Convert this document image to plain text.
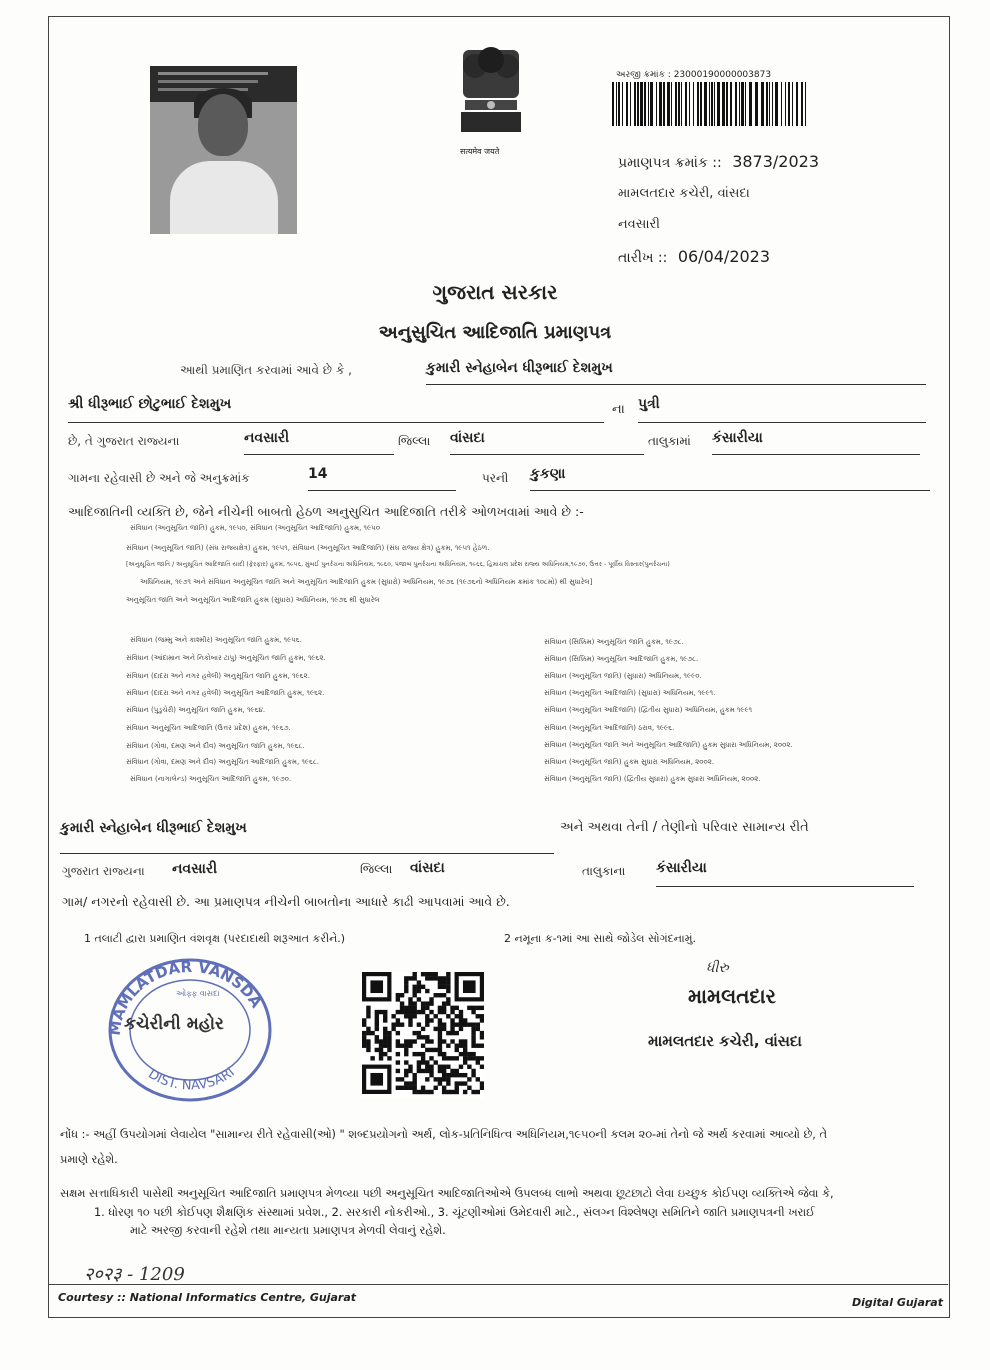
सत्यमेव जयते
અરજી ક્રમાંક : 23000190000003873
પ્રમાણપત્ર ક્રમાંક :: 3873/2023
મામલતદાર કચેરી, વાંસદા
નવસારી
તારીખ :: 06/04/2023
ગુજરાત સરકાર
અનુસુચિત આદિજાતિ પ્રમાણપત્ર
આથી પ્રમાણિત કરવામાં આવે છે કે ,	કુમારી સ્નેહાબેન ધીરૂભાઈ દેશમુખ
શ્રી ધીરૂભાઈ છોટુભાઈ દેશમુખ	ના પુત્રી
છે, તે ગુજરાત રાજ્યના	નવસારી	જિલ્લા વાંસદા	તાલુકામાં કંસારીયા
ગામના રહેવાસી છે અને જે અનુક્રમાંક	14	પરની કુકણા
આદિજાતિની વ્યક્તિ છે, જેને નીચેની બાબતો હેઠળ અનુસુચિત આદિજાતિ તરીકે ઓળખવામાં આવે છે :-
સંવિધાન (અનુસૂચિત જાતિ) હુકમ, ૧૯૫૦, સંવિધાન (અનુસૂચિત આદિજાતિ) હુકમ, ૧૯૫૦
સંવિધાન (અનુસૂચિત જાતિ) (સંઘ રાજ્યક્ષેત્ર) હુકમ, ૧૯૫૧, સંવિધાન (અનુસૂચિત આદિજાતિ) (સંઘ રાજ્ય ક્ષેત્ર) હુકમ, ૧૯૫૧ હેઠળ.
[અનુસૂચિત જાતિ / અનુસૂચિત આદિજાતિ યાદી (ફેરફાર) હુકમ, ૧૯૫૬, મુંબઈ પુનર્રચના અધિનિયમ, ૧૯૬૦, પંજાબ પુનર્રચના અધિનિયમ, ૧૯૬૬, હિમાચલ પ્રદેશ રાજ્ય અધિનિયમ,૧૯૭૦, ઉત્તર - પૂર્વીય વિસ્તાર(પુનર્રચના)
અધિનિયમ, ૧૯૭૧ અને સંવિધાન અનુસૂચિત જાતિ અને અનુસૂચિત આદિજાતિ હુકમ (સુધારો) અધિનિયમ, ૧૯૭૬ (૧૯૭૬નો અધિનિયમ ક્રમાંક ૧૦૮મો) થી સુધારેલ]
અનુસૂચિત જાતિ અને અનુસૂચિત આદિજાતિ હુકમ (સુધારા) અધિનિયમ, ૧૯૭૬ થી સુધારેલ
સંવિધાન (જમ્મુ અને કાશ્મીર) અનુસૂચિત જાતિ હુકમ, ૧૯૫૬.
સંવિધાન (આંદામાન અને નિકોબાર ટાપુ) અનુસૂચિત જાતિ હુકમ, ૧૯૬૨.
સંવિધાન (દાદરા અને નગર હવેલી) અનુસૂચિત જાતિ હુકમ, ૧૯૬૨.
સંવિધાન (દાદરા અને નગર હવેલી) અનુસૂચિત આદિજાતિ હુકમ, ૧૯૬૨.
સંવિધાન (પુડુચેરી) અનુસૂચિત જાતિ હુકમ, ૧૯૬૪.
સંવિધાન અનુસૂચિત આદિજાતિ (ઉત્તર પ્રદેશ) હુકમ, ૧૯૬૭.
સંવિધાન (ગોવા, દમણ અને દીવ) અનુસૂચિત જાતિ હુકમ, ૧૯૬૮.
સંવિધાન (ગોવા, દમણ અને દીવ) અનુસૂચિત આદિજાતિ હુકમ, ૧૯૬૮.
સંવિધાન (નાગાલેન્ડ) અનુસૂચિત આદિજાતિ હુકમ, ૧૯૭૦.
સંવિધાન (સિક્કિમ) અનુસૂચિત જાતિ હુકમ, ૧૯૭૮.
સંવિધાન (સિક્કિમ) અનુસૂચિત આદિજાતિ હુકમ, ૧૯૭૮.
સંવિધાન (અનુસૂચિત જાતિ) (સુધારા) અધિનિયમ, ૧૯૯૦.
સંવિધાન (અનુસૂચિત આદિજાતિ) (સુધારા) અધિનિયમ, ૧૯૯૧.
સંવિધાન (અનુસૂચિત આદિજાતિ) (દ્વિતીય સુધારા) અધિનિયમ, હુકમ ૧૯૯૧
સંવિધાન (અનુસૂચિત આદિજાતિ) ઠરાવ, ૧૯૯૬.
સંવિધાન (અનુસૂચિત જાતિ અને અનુસૂચિત આદિજાતિ) હુકમ સુધારા અધિનિયમ, ૨૦૦૨.
સંવિધાન (અનુસૂચિત જાતિ) હુકમ સુધારા અધિનિયમ, ૨૦૦૨.
સંવિધાન (અનુસૂચિત જાતિ) (દ્વિતીય સુધારા) હુકમ સુધારા અધિનિયમ, ૨૦૦૨.
કુમારી સ્નેહાબેન ધીરૂભાઈ દેશમુખ	અને અથવા તેની / તેણીનો પરિવાર સામાન્ય રીતે
ગુજરાત રાજ્યના નવસારી	જિલ્લા વાંસદા	તાલુકાના કંસારીયા
ગામ/ નગરનો રહેવાસી છે. આ પ્રમાણપત્ર નીચેની બાબતોના આધારે કાઢી આપવામાં આવે છે.
1 તલાટી દ્વારા પ્રમાણિત વંશવૃક્ષ (પરદાદાથી શરૂઆત કરીને.)	2 નમૂના ક-૧માં આ સાથે જોડેલ સોગંદનામું.
MAMLATDAR VANSDA
DIST. NAVSARI
ઓફ્ફ વાસદા
કચેરીની મહોર
ધીરુ
મામલતદાર
મામલતદાર કચેરી, વાંસદા
નોંધ :- અહીં ઉપયોગમાં લેવાયેલ "સામાન્ય રીતે રહેવાસી(ઓ) " શબ્દપ્રયોગનો અર્થ, લોક-પ્રતિનિધિત્વ અધિનિયમ,૧૯૫૦ની કલમ ૨૦-માં તેનો જે અર્થ કરવામાં આવ્યો છે, તે
પ્રમાણે રહેશે.
સક્ષમ સત્તાધિકારી પાસેથી અનુસૂચિત આદિજાતિ પ્રમાણપત્ર મેળવ્યા પછી અનુસૂચિત આદિજાતિઓએ ઉપલબ્ધ લાભો અથવા છૂટછાટો લેવા ઇચ્છુક કોઈપણ વ્યક્તિએ જેવા કે,
1. ધોરણ ૧૦ પછી કોઈપણ શૈક્ષણિક સંસ્થામાં પ્રવેશ., 2. સરકારી નોકરીઓ., 3. ચૂંટણીઓમાં ઉમેદવારી માટે., સંલગ્ન વિશ્લેષણ સમિતિને જાતિ પ્રમાણપત્રની ખરાઈ
માટે અરજી કરવાની રહેશે તથા માન્યતા પ્રમાણપત્ર મેળવી લેવાનું રહેશે.
२०२३ - 1209
Courtesy :: National Informatics Centre, Gujarat	Digital Gujarat
